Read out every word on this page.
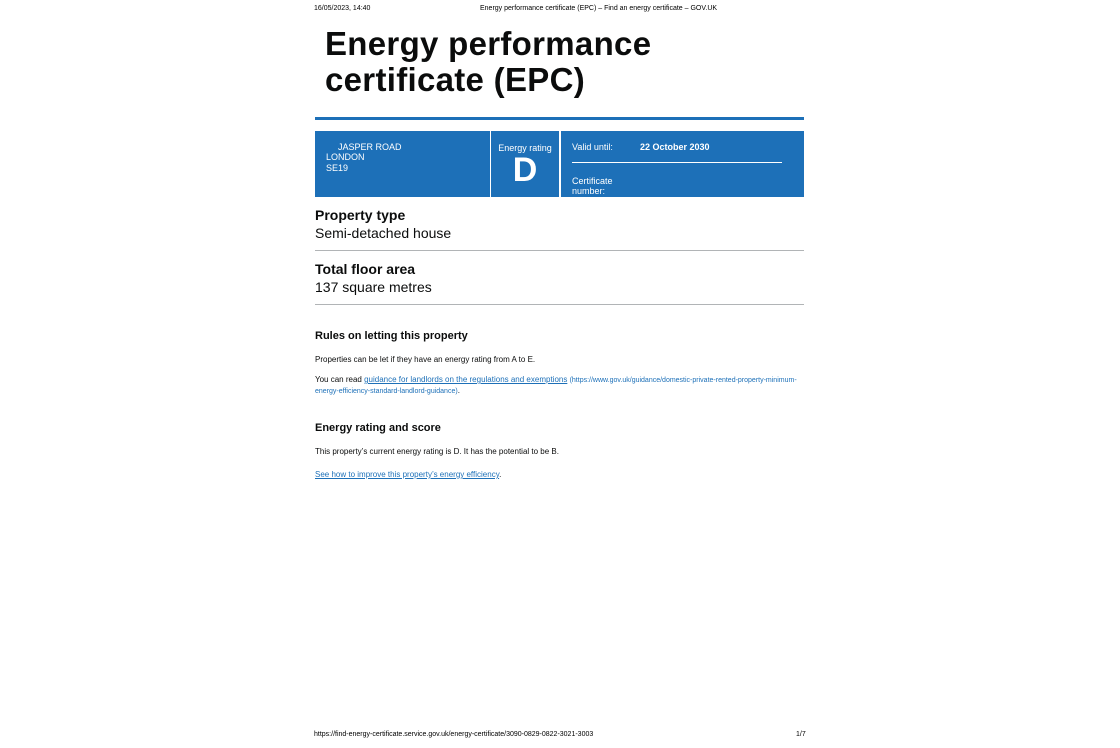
16/05/2023, 14:40	Energy performance certificate (EPC) – Find an energy certificate – GOV.UK
Energy performance certificate (EPC)
JASPER ROAD
LONDON
SE19
Energy rating
D
Valid until:	22 October 2030
Certificate number:
Property type
Semi-detached house
Total floor area
137 square metres
Rules on letting this property
Properties can be let if they have an energy rating from A to E.
You can read guidance for landlords on the regulations and exemptions (https://www.gov.uk/guidance/domestic-private-rented-property-minimum-energy-efficiency-standard-landlord-guidance).
Energy rating and score
This property’s current energy rating is D. It has the potential to be B.
See how to improve this property’s energy efficiency.
https://find-energy-certificate.service.gov.uk/energy-certificate/3090-0829-0822-3021-3003	1/7
